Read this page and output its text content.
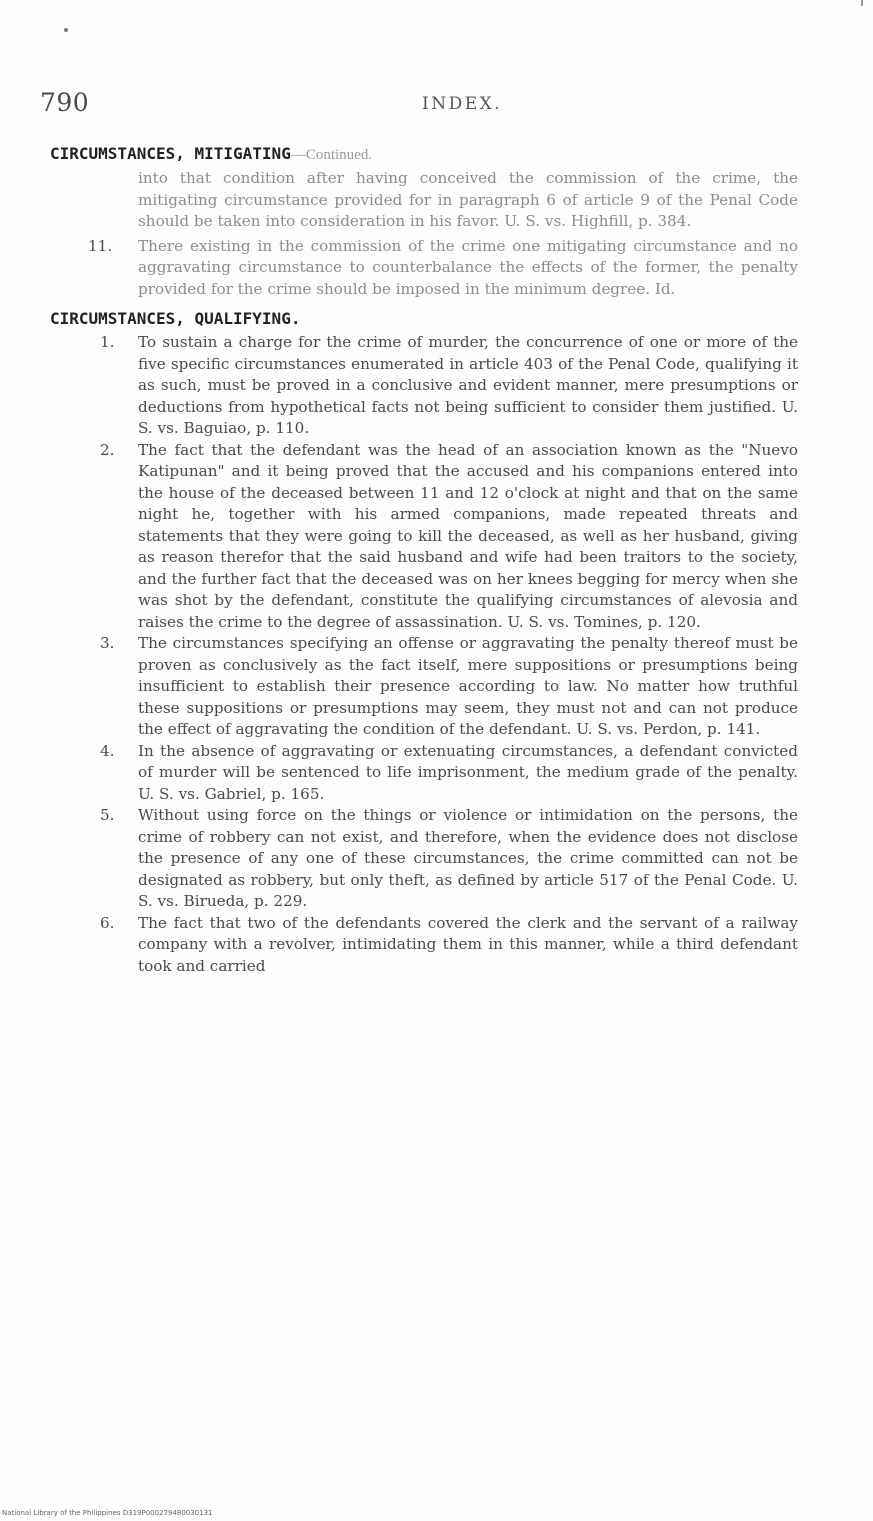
790	INDEX.
CIRCUMSTANCES, MITIGATING—Continued.
into that condition after having conceived the commission of the crime, the mitigating circumstance provided for in paragraph 6 of article 9 of the Penal Code should be taken into consideration in his favor. U. S. vs. Highfill, p. 384.
11.	There existing in the commission of the crime one mitigating circumstance and no aggravating circumstance to counterbalance the effects of the former, the penalty provided for the crime should be imposed in the minimum degree. Id.
CIRCUMSTANCES, QUALIFYING.
1.	To sustain a charge for the crime of murder, the concurrence of one or more of the five specific circumstances enumerated in article 403 of the Penal Code, qualifying it as such, must be proved in a conclusive and evident manner, mere presumptions or deductions from hypothetical facts not being sufficient to consider them justified. U. S. vs. Baguiao, p. 110.
2.	The fact that the defendant was the head of an association known as the "Nuevo Katipunan" and it being proved that the accused and his companions entered into the house of the deceased between 11 and 12 o'clock at night and that on the same night he, together with his armed companions, made repeated threats and statements that they were going to kill the deceased, as well as her husband, giving as reason therefor that the said husband and wife had been traitors to the society, and the further fact that the deceased was on her knees begging for mercy when she was shot by the defendant, constitute the qualifying circumstances of alevosia and raises the crime to the degree of assassination. U. S. vs. Tomines, p. 120.
3.	The circumstances specifying an offense or aggravating the penalty thereof must be proven as conclusively as the fact itself, mere suppositions or presumptions being insufficient to establish their presence according to law. No matter how truthful these suppositions or presumptions may seem, they must not and can not produce the effect of aggravating the condition of the defendant. U. S. vs. Perdon, p. 141.
4.	In the absence of aggravating or extenuating circumstances, a defendant convicted of murder will be sentenced to life imprisonment, the medium grade of the penalty. U. S. vs. Gabriel, p. 165.
5.	Without using force on the things or violence or intimidation on the persons, the crime of robbery can not exist, and therefore, when the evidence does not disclose the presence of any one of these circumstances, the crime committed can not be designated as robbery, but only theft, as defined by article 517 of the Penal Code. U. S. vs. Birueda, p. 229.
6.	The fact that two of the defendants covered the clerk and the servant of a railway company with a revolver, intimidating them in this manner, while a third defendant took and carried
National Library of the Philippines D319P000279480030131
